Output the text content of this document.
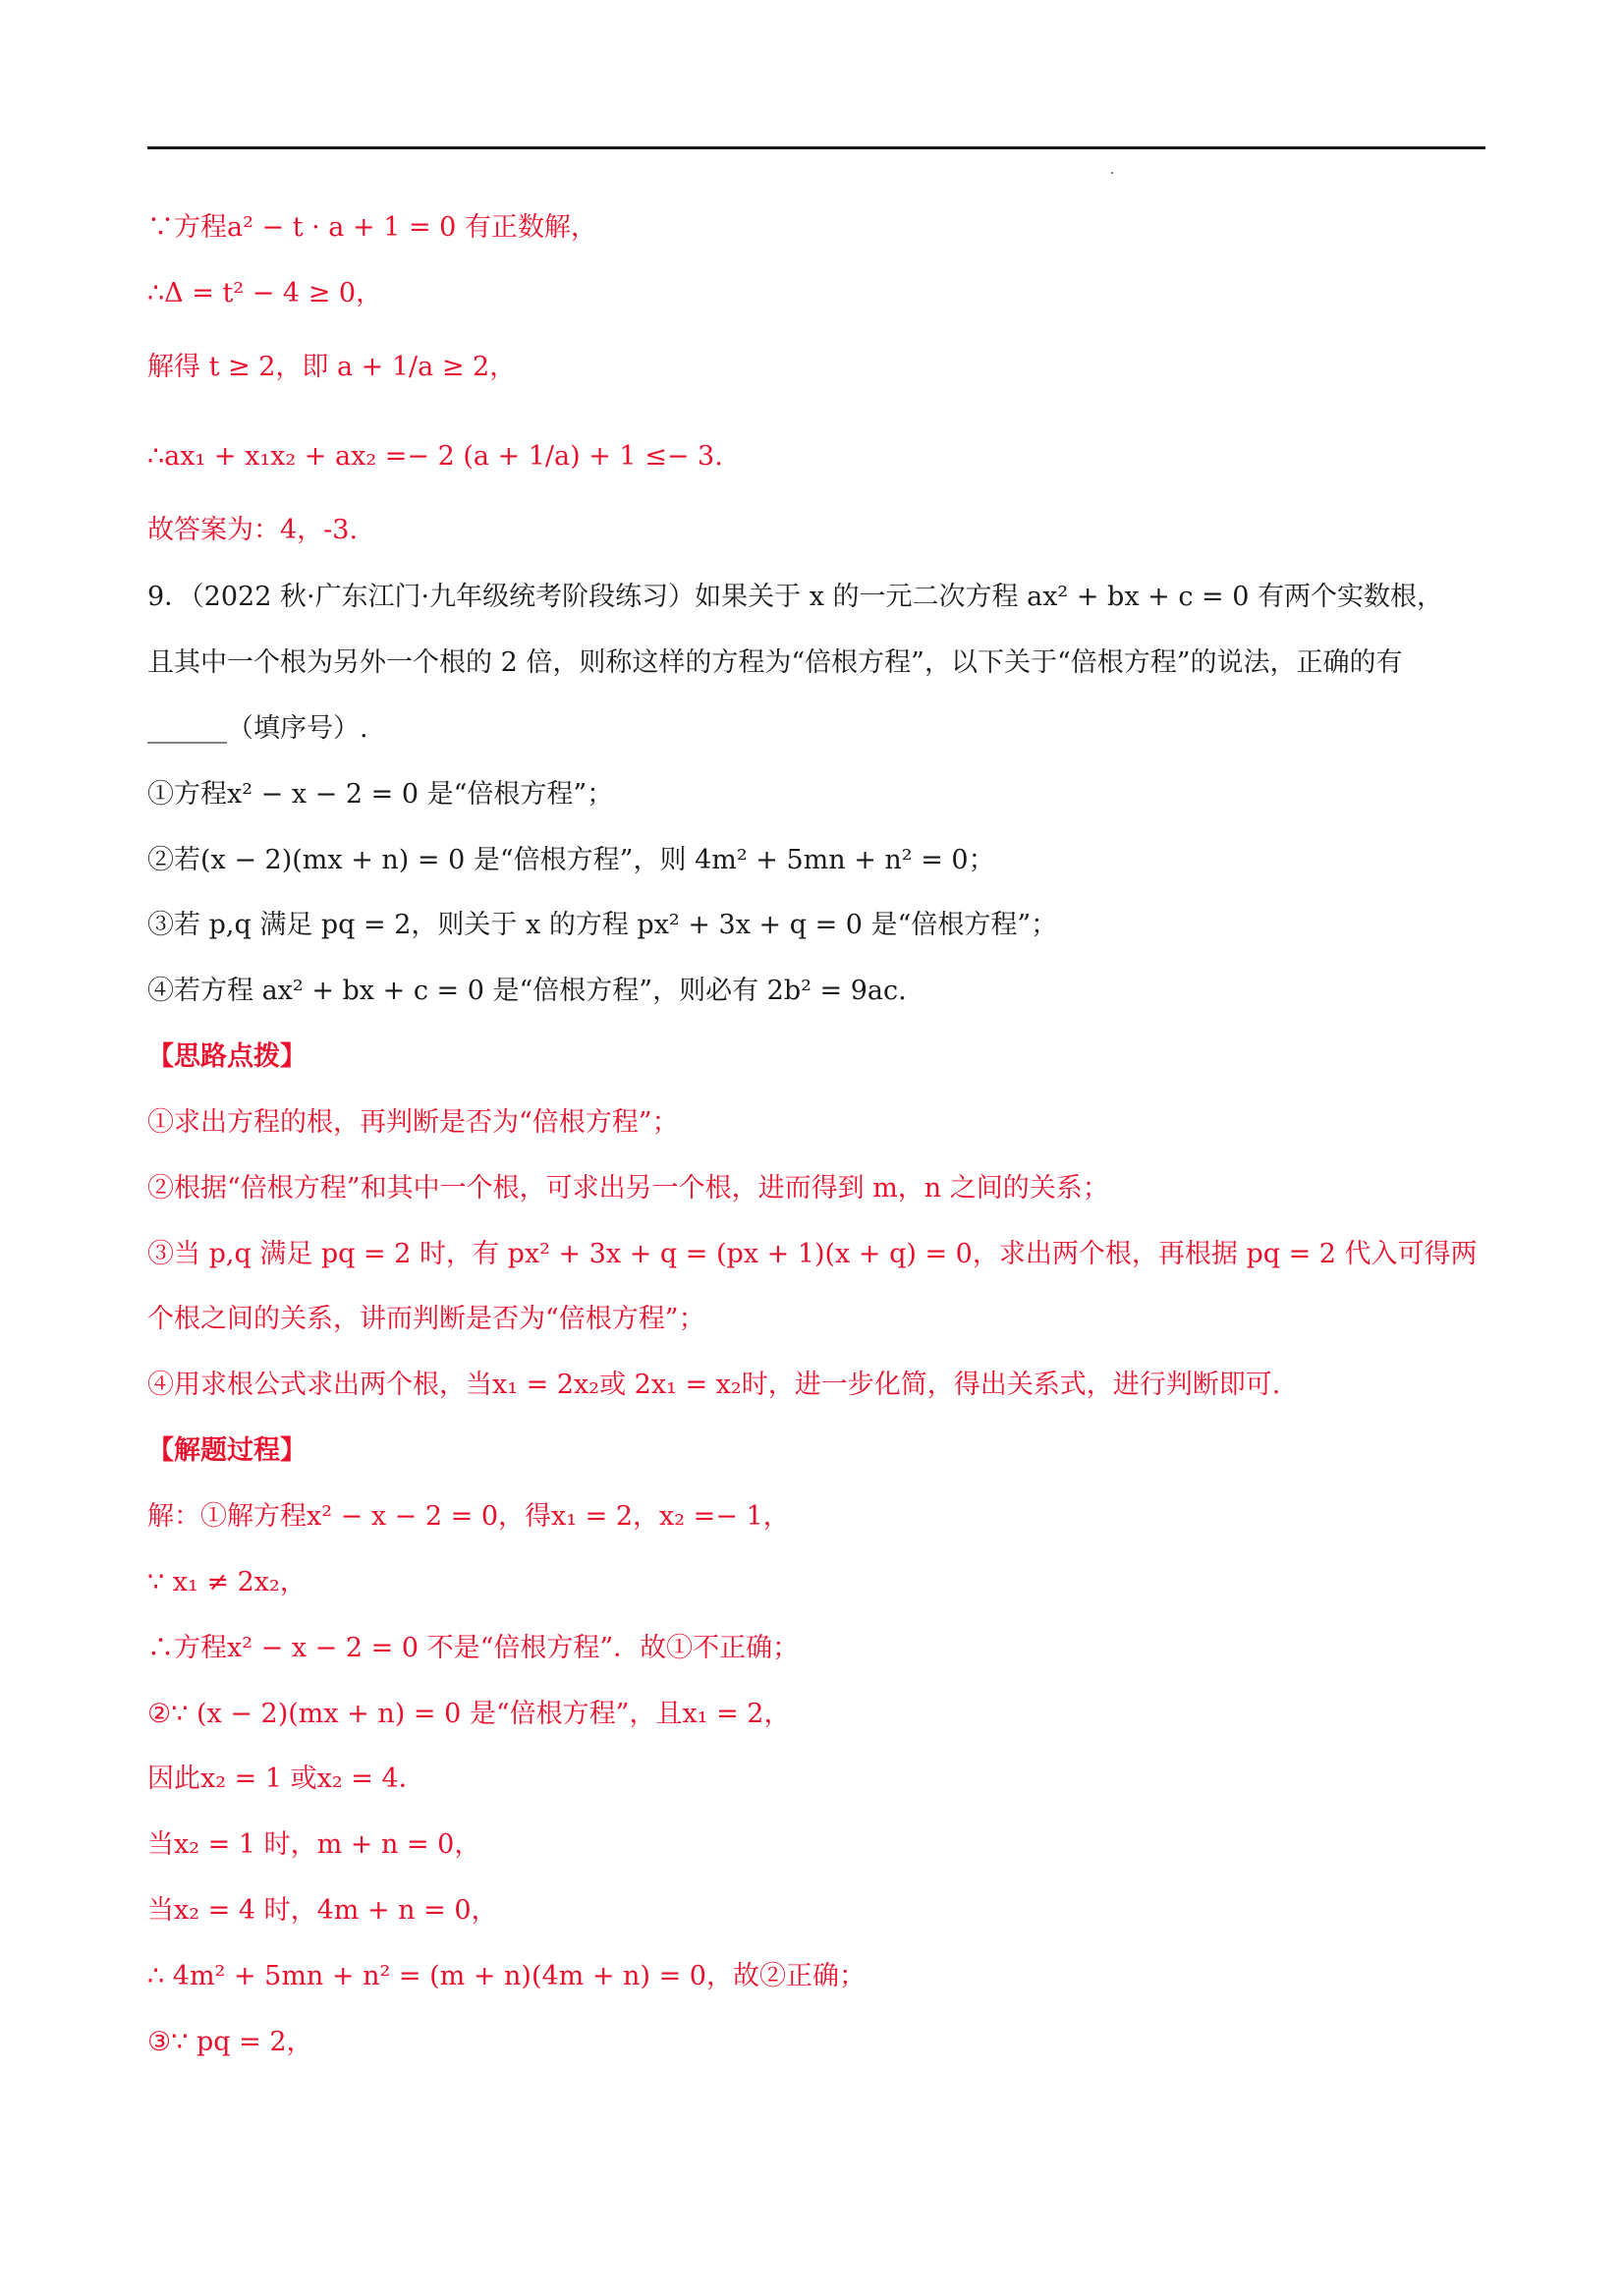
∵方程a² − t · a + 1 = 0 有正数解，
∴Δ = t² − 4 ≥ 0，
解得 t ≥ 2，即 a + 1/a ≥ 2，
∴ax₁ + x₁x₂ + ax₂ =− 2 (a + 1/a) + 1 ≤− 3.
故答案为：4，-3.
9．（2022 秋·广东江门·九年级统考阶段练习）如果关于 x 的一元二次方程 ax² + bx + c = 0 有两个实数根，
且其中一个根为另外一个根的 2 倍，则称这样的方程为“倍根方程”，以下关于“倍根方程”的说法，正确的有
______（填序号）.
①方程x² − x − 2 = 0 是“倍根方程”；
②若(x − 2)(mx + n) = 0 是“倍根方程”，则 4m² + 5mn + n² = 0；
③若 p,q 满足 pq = 2，则关于 x 的方程 px² + 3x + q = 0 是“倍根方程”；
④若方程 ax² + bx + c = 0 是“倍根方程”，则必有 2b² = 9ac.
【思路点拨】
①求出方程的根，再判断是否为“倍根方程”；
②根据“倍根方程”和其中一个根，可求出另一个根，进而得到 m，n 之间的关系；
③当 p,q 满足 pq = 2 时，有 px² + 3x + q = (px + 1)(x + q) = 0，求出两个根，再根据 pq = 2 代入可得两
个根之间的关系，讲而判断是否为“倍根方程”；
④用求根公式求出两个根，当x₁ = 2x₂或 2x₁ = x₂时，进一步化简，得出关系式，进行判断即可.
【解题过程】
解：①解方程x² − x − 2 = 0，得x₁ = 2，x₂ =− 1，
∵ x₁ ≠ 2x₂，
∴方程x² − x − 2 = 0 不是“倍根方程”．故①不正确；
②∵ (x − 2)(mx + n) = 0 是“倍根方程”，且x₁ = 2，
因此x₂ = 1 或x₂ = 4．
当x₂ = 1 时，m + n = 0，
当x₂ = 4 时，4m + n = 0，
∴ 4m² + 5mn + n² = (m + n)(4m + n) = 0，故②正确；
③∵ pq = 2，
